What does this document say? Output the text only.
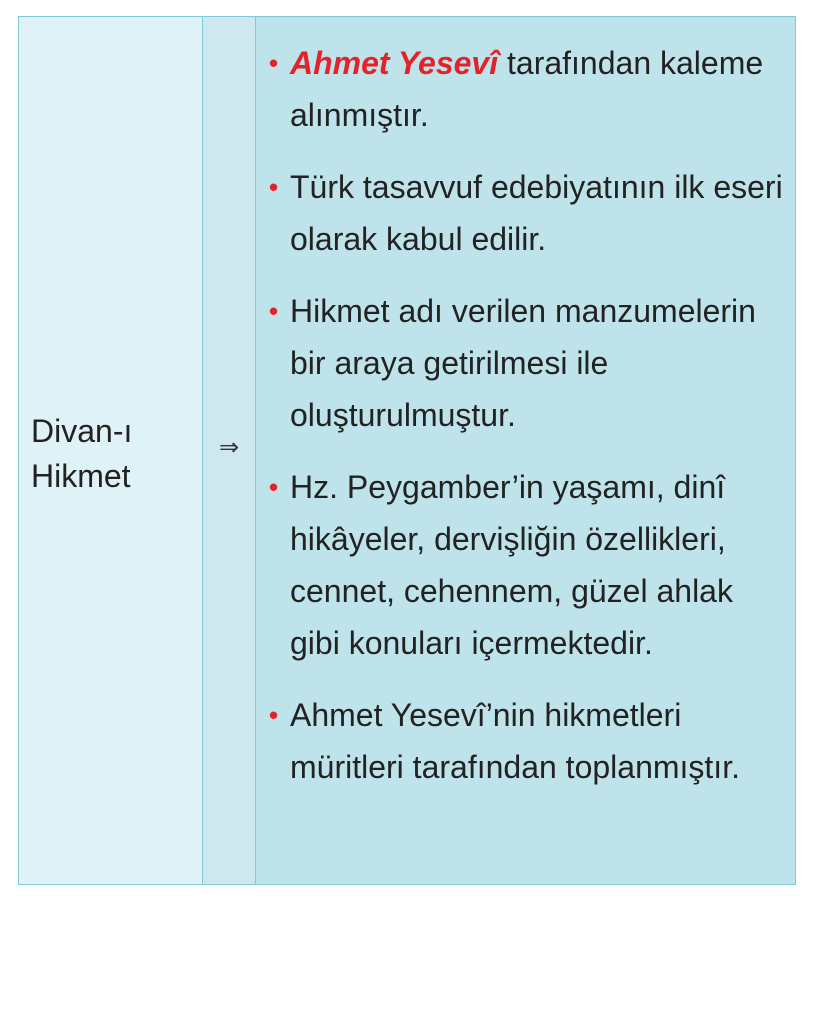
Divan-ı
Hikmet
⇒
• Ahmet Yesevî tarafından kaleme alınmıştır.
• Türk tasavvuf edebiyatının ilk eseri olarak kabul edilir.
• Hikmet adı verilen manzumelerin bir araya getirilmesi ile oluşturulmuştur.
• Hz. Peygamber’in yaşamı, dinî hikâyeler, dervişliğin özellikleri, cennet, cehennem, güzel ahlak gibi konuları içermektedir.
• Ahmet Yesevî’nin hikmetleri müritleri tarafından toplanmıştır.
